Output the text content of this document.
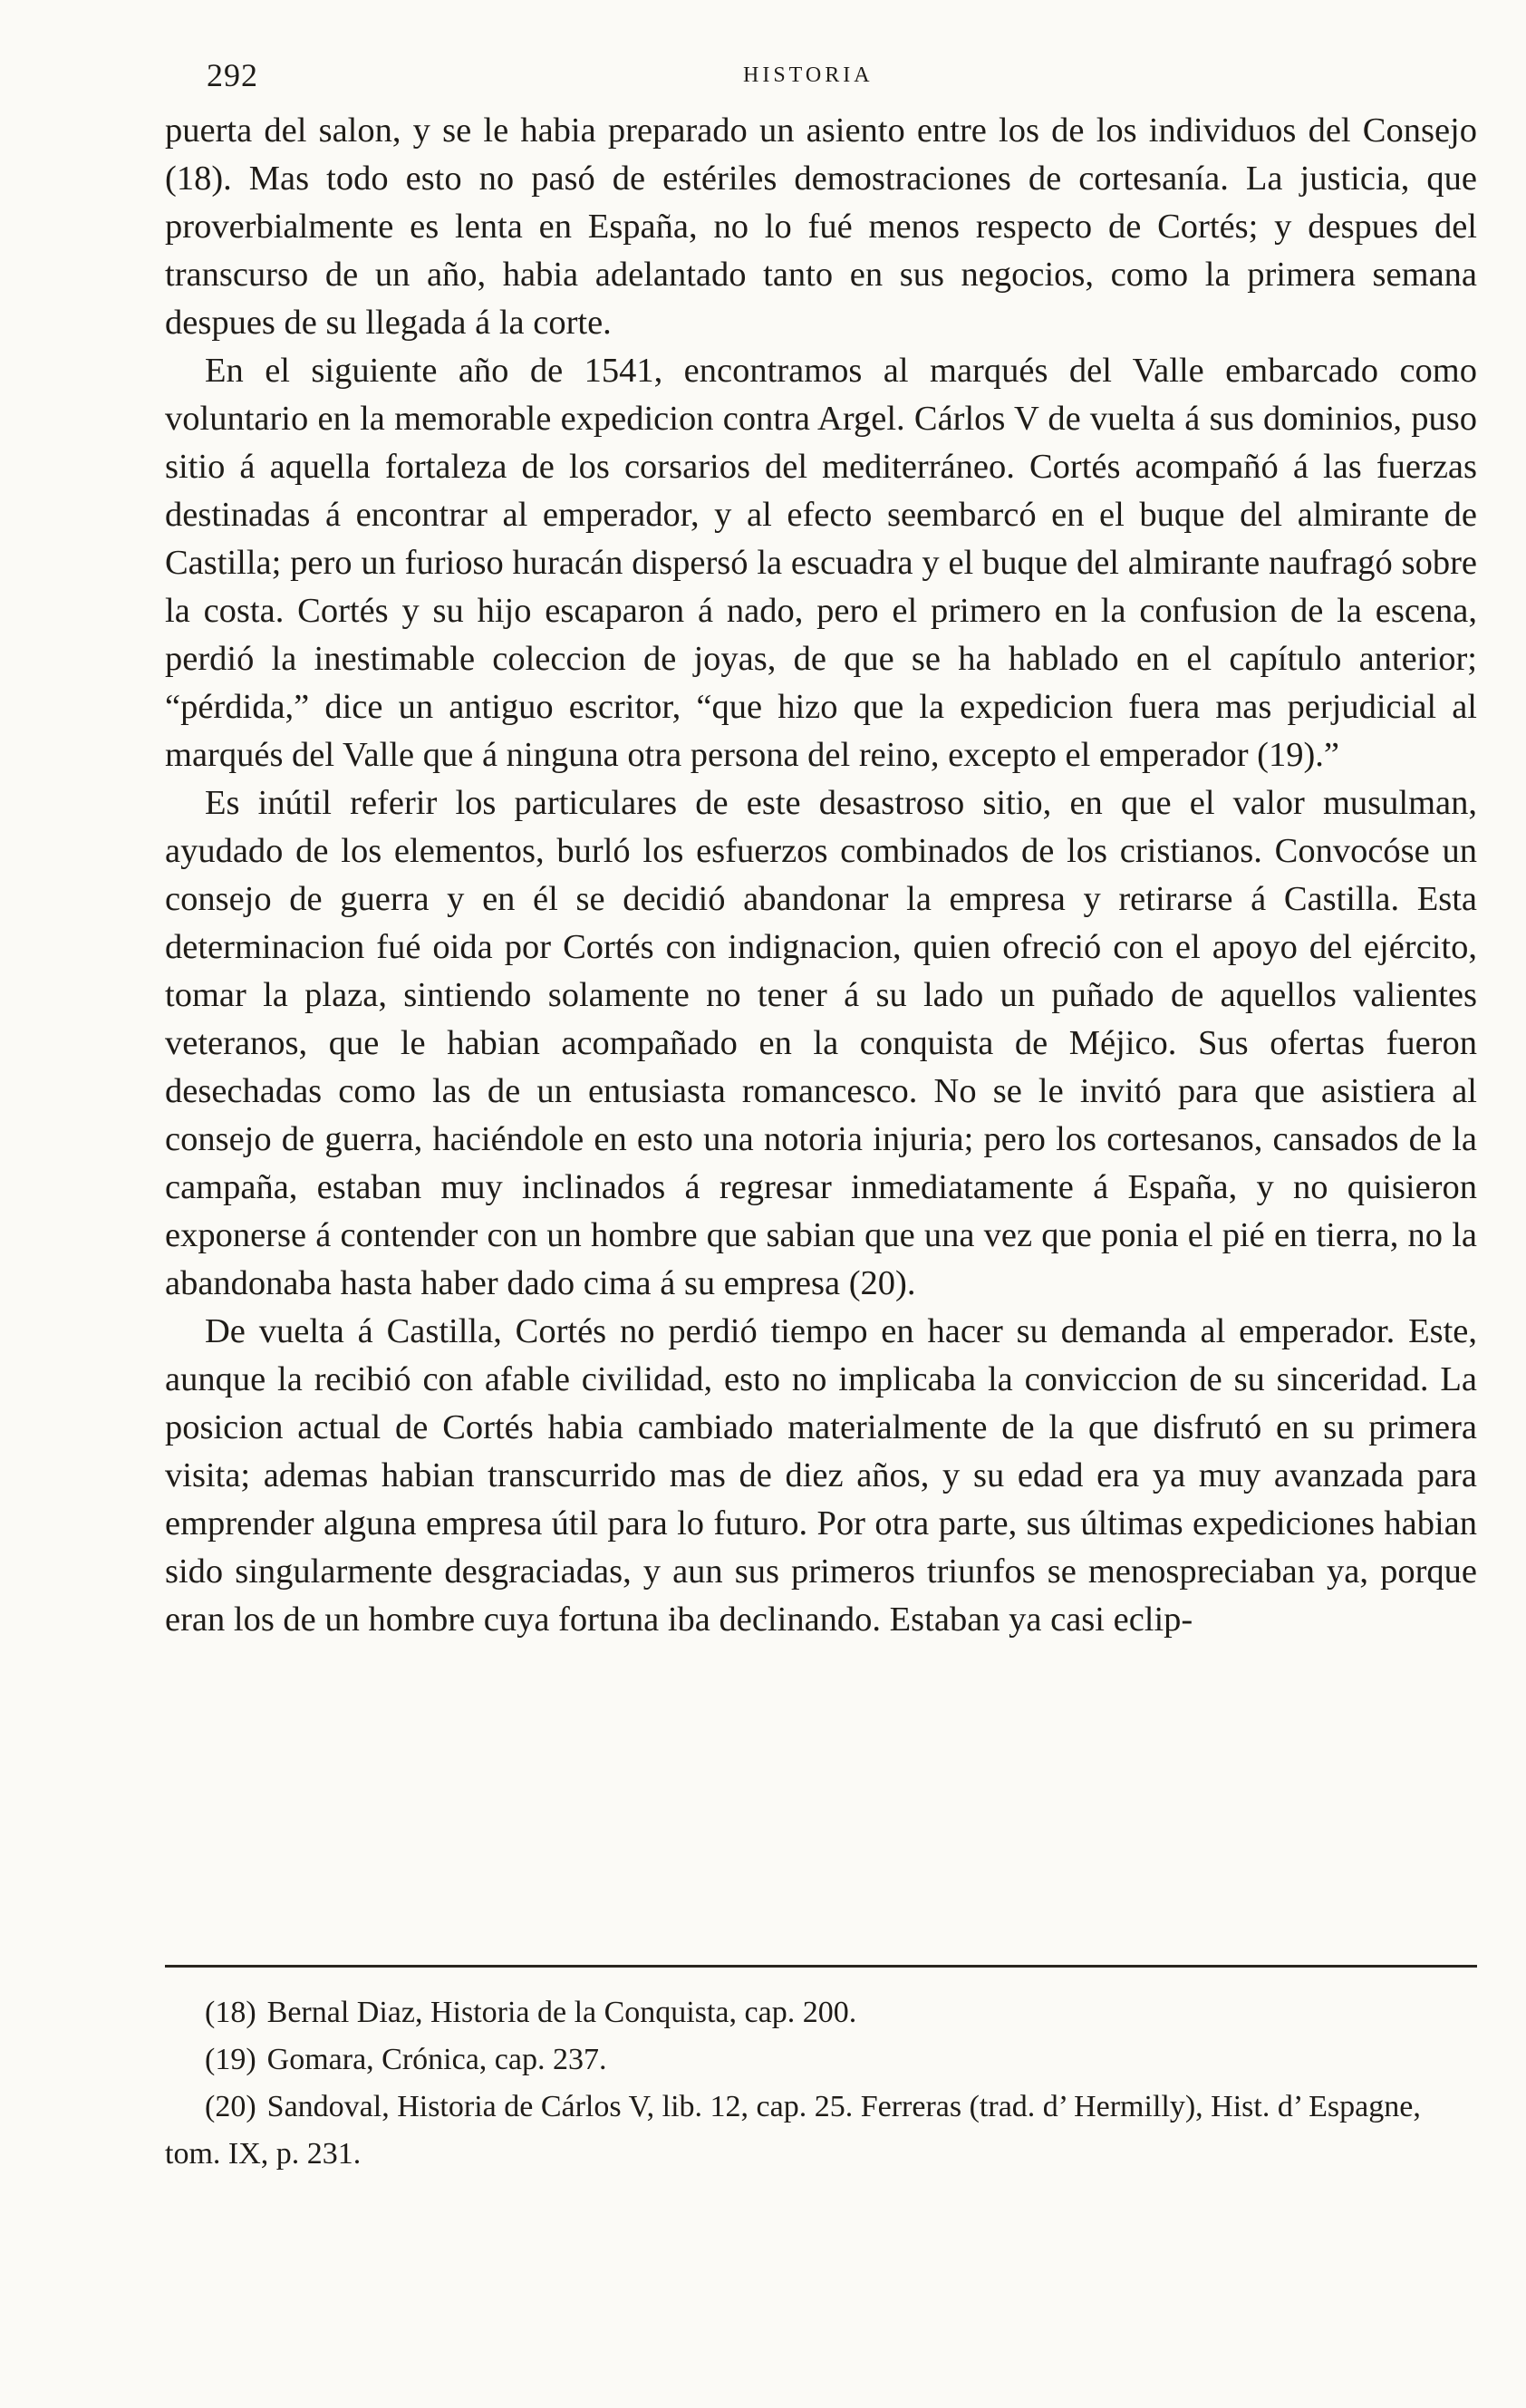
292	HISTORIA

puerta del salon, y se le habia preparado un asiento entre los de los individuos del Consejo (18). Mas todo esto no pasó de estériles demostraciones de cortesanía. La justicia, que proverbialmente es lenta en España, no lo fué menos respecto de Cortés; y despues del transcurso de un año, habia adelantado tanto en sus negocios, como la primera semana despues de su llegada á la corte.

En el siguiente año de 1541, encontramos al marqués del Valle embarcado como voluntario en la memorable expedicion contra Argel. Cárlos V de vuelta á sus dominios, puso sitio á aquella fortaleza de los corsarios del mediterráneo. Cortés acompañó á las fuerzas destinadas á encontrar al emperador, y al efecto seembarcó en el buque del almirante de Castilla; pero un furioso huracán dispersó la escuadra y el buque del almirante naufragó sobre la costa. Cortés y su hijo escaparon á nado, pero el primero en la confusion de la escena, perdió la inestimable coleccion de joyas, de que se ha hablado en el capítulo anterior; “pérdida,” dice un antiguo escritor, “que hizo que la expedicion fuera mas perjudicial al marqués del Valle que á ninguna otra persona del reino, excepto el emperador (19).”

Es inútil referir los particulares de este desastroso sitio, en que el valor musulman, ayudado de los elementos, burló los esfuerzos combinados de los cristianos. Convocóse un consejo de guerra y en él se decidió abandonar la empresa y retirarse á Castilla. Esta determinacion fué oida por Cortés con indignacion, quien ofreció con el apoyo del ejército, tomar la plaza, sintiendo solamente no tener á su lado un puñado de aquellos valientes veteranos, que le habian acompañado en la conquista de Méjico. Sus ofertas fueron desechadas como las de un entusiasta romancesco. No se le invitó para que asistiera al consejo de guerra, haciéndole en esto una notoria injuria; pero los cortesanos, cansados de la campaña, estaban muy inclinados á regresar inmediatamente á España, y no quisieron exponerse á contender con un hombre que sabian que una vez que ponia el pié en tierra, no la abandonaba hasta haber dado cima á su empresa (20).

De vuelta á Castilla, Cortés no perdió tiempo en hacer su demanda al emperador. Este, aunque la recibió con afable civilidad, esto no implicaba la conviccion de su sinceridad. La posicion actual de Cortés habia cambiado materialmente de la que disfrutó en su primera visita; ademas habian transcurrido mas de diez años, y su edad era ya muy avanzada para emprender alguna empresa útil para lo futuro. Por otra parte, sus últimas expediciones habian sido singularmente desgraciadas, y aun sus primeros triunfos se menospreciaban ya, porque eran los de un hombre cuya fortuna iba declinando. Estaban ya casi eclip-

(18) Bernal Diaz, Historia de la Conquista, cap. 200.
(19) Gomara, Crónica, cap. 237.
(20) Sandoval, Historia de Cárlos V, lib. 12, cap. 25. Ferreras (trad. d’ Hermilly), Hist. d’ Espagne, tom. IX, p. 231.
